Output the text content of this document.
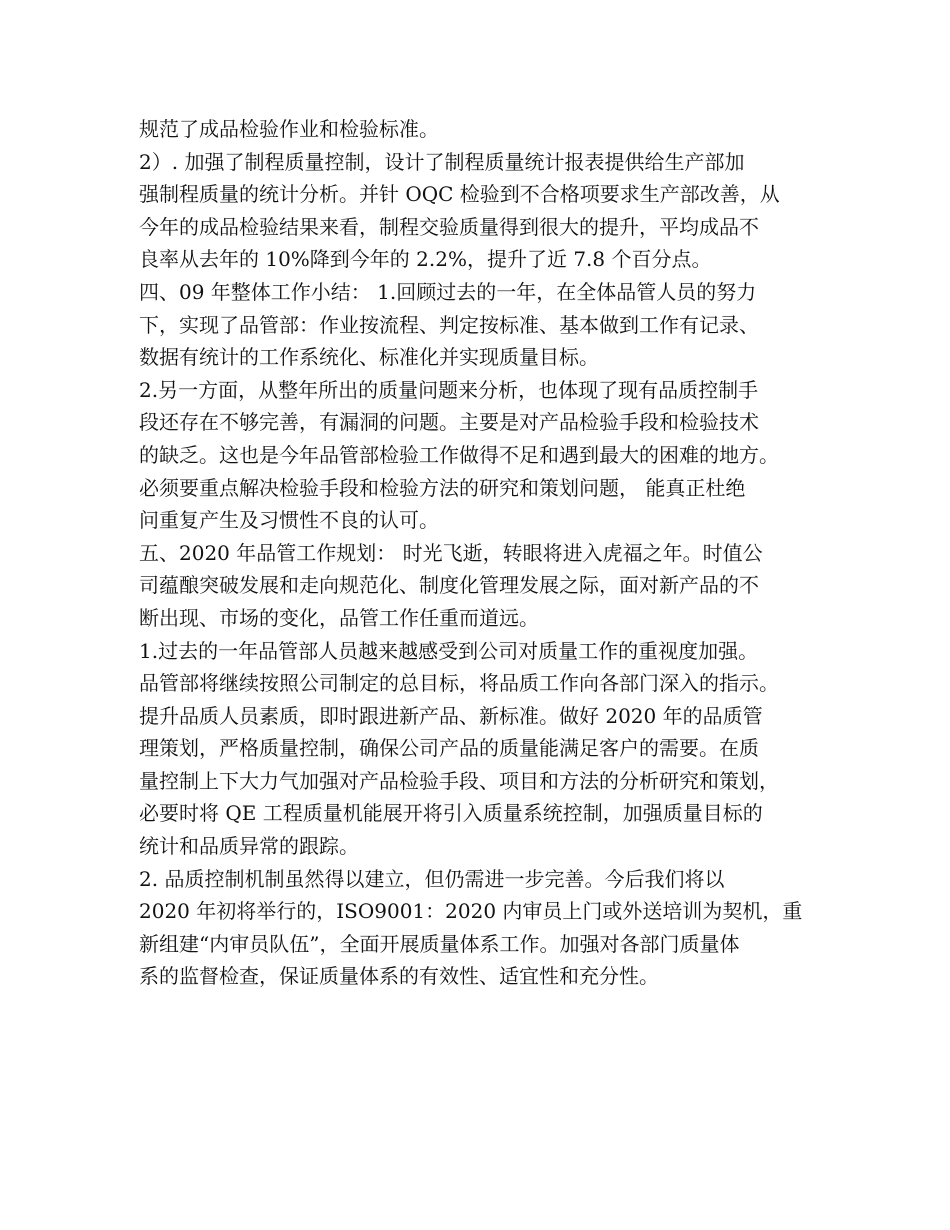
规范了成品检验作业和检验标准。
2）. 加强了制程质量控制，设计了制程质量统计报表提供给生产部加
强制程质量的统计分析。并针 OQC 检验到不合格项要求生产部改善，从
今年的成品检验结果来看，制程交验质量得到很大的提升，平均成品不
良率从去年的 10%降到今年的 2.2%，提升了近 7.8 个百分点。
四、09 年整体工作小结： 1.回顾过去的一年，在全体品管人员的努力
下，实现了品管部：作业按流程、判定按标准、基本做到工作有记录、
数据有统计的工作系统化、标准化并实现质量目标。
2.另一方面，从整年所出的质量问题来分析，也体现了现有品质控制手
段还存在不够完善，有漏洞的问题。主要是对产品检验手段和检验技术
的缺乏。这也是今年品管部检验工作做得不足和遇到最大的困难的地方。
必须要重点解决检验手段和检验方法的研究和策划问题， 能真正杜绝
问重复产生及习惯性不良的认可。
五、2020 年品管工作规划： 时光飞逝，转眼将进入虎福之年。时值公
司蕴酿突破发展和走向规范化、制度化管理发展之际，面对新产品的不
断出现、市场的变化，品管工作任重而道远。
1.过去的一年品管部人员越来越感受到公司对质量工作的重视度加强。
品管部将继续按照公司制定的总目标，将品质工作向各部门深入的指示。
提升品质人员素质，即时跟进新产品、新标准。做好 2020 年的品质管
理策划，严格质量控制，确保公司产品的质量能满足客户的需要。在质
量控制上下大力气加强对产品检验手段、项目和方法的分析研究和策划，
必要时将 QE 工程质量机能展开将引入质量系统控制，加强质量目标的
统计和品质异常的跟踪。
2. 品质控制机制虽然得以建立，但仍需进一步完善。今后我们将以
2020 年初将举行的，ISO9001：2020 内审员上门或外送培训为契机，重
新组建“内审员队伍”，全面开展质量体系工作。加强对各部门质量体
系的监督检查，保证质量体系的有效性、适宜性和充分性。
